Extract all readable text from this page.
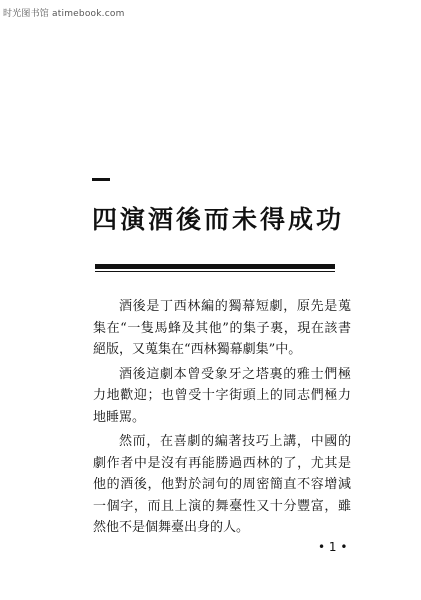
时光图书馆 atimebook.com
四演酒後而未得成功

酒後是丁西林編的獨幕短劇，原先是蒐集在“一隻馬蜂及其他”的集子裏，現在該書絕版，又蒐集在“西林獨幕劇集”中。

酒後這劇本曾受象牙之塔裏的雅士們極力地歡迎；也曾受十字街頭上的同志們極力地睡駡。

然而，在喜劇的編著技巧上講，中國的劇作者中是沒有再能勝過西林的了，尤其是他的酒後，他對於詞句的周密簡直不容增減一個字，而且上演的舞臺性又十分豐富，雖然他不是個舞臺出身的人。

• 1 •
